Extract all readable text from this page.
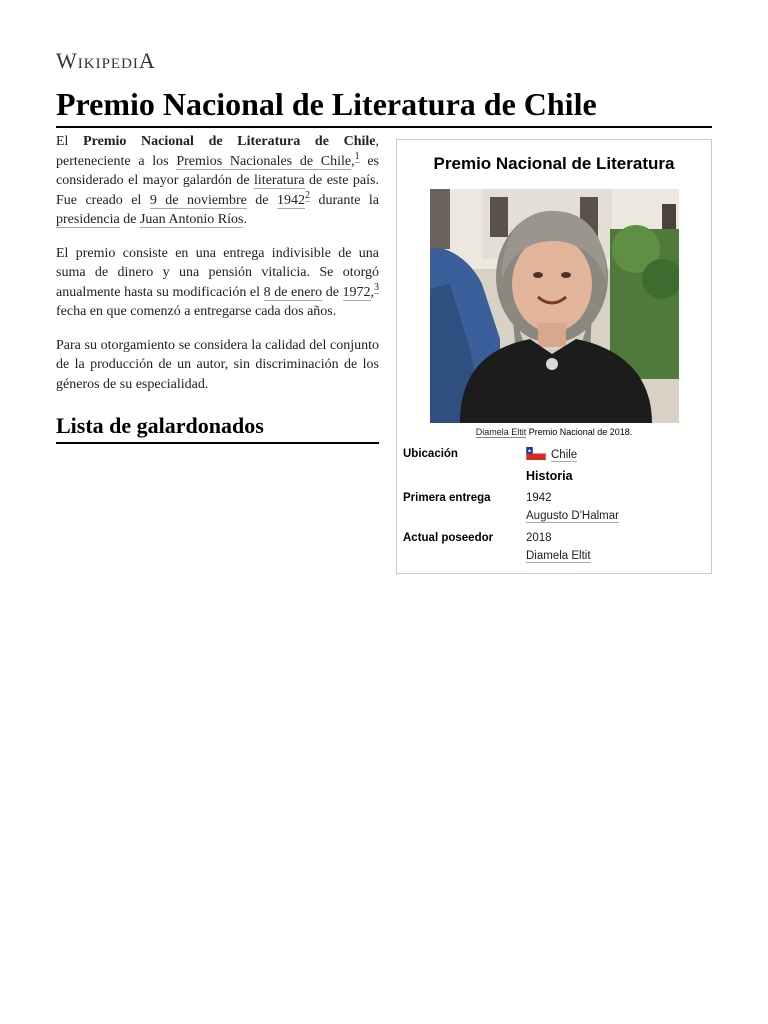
WikipediA
Premio Nacional de Literatura de Chile

El Premio Nacional de Literatura de Chile, perteneciente a los Premios Nacionales de Chile,$^1$ es considerado el mayor galardón de literatura de este país. Fue creado el 9 de noviembre de 1942$^2$ durante la presidencia de Juan Antonio Ríos.

El premio consiste en una entrega indivisible de una suma de dinero y una pensión vitalicia. Se otorgó anualmente hasta su modificación el 8 de enero de 1972,$^3$ fecha en que comenzó a entregarse cada dos años.

Para su otorgamiento se considera la calidad del conjunto de la producción de un autor, sin discriminación de los géneros de su especialidad.

Lista de galardonados
Premio Nacional de Literatura
Diamela Eltit Premio Nacional de 2018.
Ubicación	Chile
Historia
Primera entrega	1942
Augusto D'Halmar
Actual poseedor	2018
Diamela Eltit
